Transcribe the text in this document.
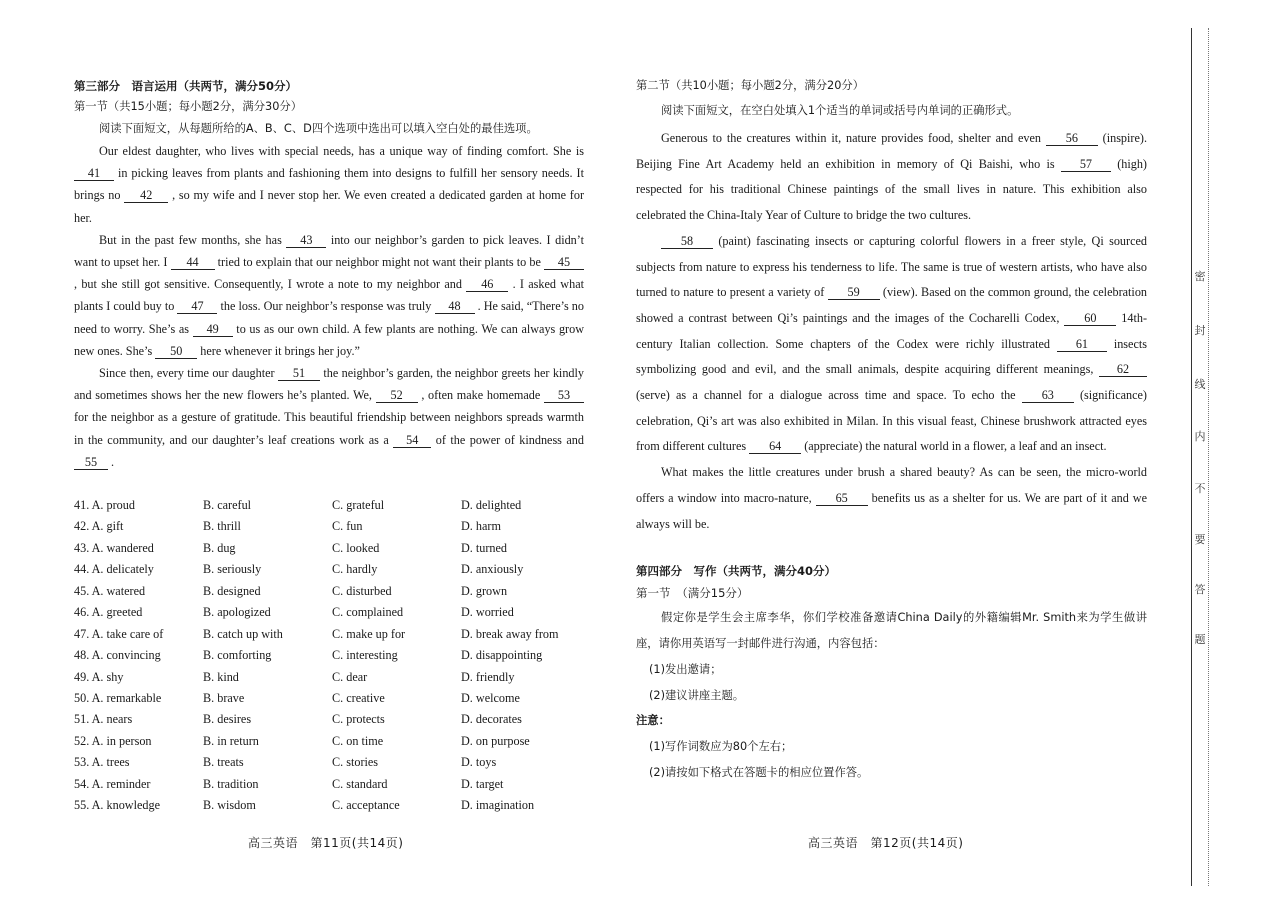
第三部分　语言运用（共两节，满分50分）
第一节（共15小题；每小题2分，满分30分）
阅读下面短文，从每题所给的A、B、C、D四个选项中选出可以填入空白处的最佳选项。

Our eldest daughter, who lives with special needs, has a unique way of finding comfort. She is 41 in picking leaves from plants and fashioning them into designs to fulfill her sensory needs. It brings no 42 , so my wife and I never stop her. We even created a dedicated garden at home for her.

But in the past few months, she has 43 into our neighbor’s garden to pick leaves. I didn’t want to upset her. I 44 tried to explain that our neighbor might not want their plants to be 45 , but she still got sensitive. Consequently, I wrote a note to my neighbor and 46 . I asked what plants I could buy to 47 the loss. Our neighbor’s response was truly 48 . He said, “There’s no need to worry. She’s as 49 to us as our own child. A few plants are nothing. We can always grow new ones. She’s 50 here whenever it brings her joy.”

Since then, every time our daughter 51 the neighbor’s garden, the neighbor greets her kindly and sometimes shows her the new flowers he’s planted. We, 52 , often make homemade 53 for the neighbor as a gesture of gratitude. This beautiful friendship between neighbors spreads warmth in the community, and our daughter’s leaf creations work as a 54 of the power of kindness and 55 .

41. A. proud	B. careful	C. grateful	D. delighted
42. A. gift	B. thrill	C. fun	D. harm
43. A. wandered	B. dug	C. looked	D. turned
44. A. delicately	B. seriously	C. hardly	D. anxiously
45. A. watered	B. designed	C. disturbed	D. grown
46. A. greeted	B. apologized	C. complained	D. worried
47. A. take care of	B. catch up with	C. make up for	D. break away from
48. A. convincing	B. comforting	C. interesting	D. disappointing
49. A. shy	B. kind	C. dear	D. friendly
50. A. remarkable	B. brave	C. creative	D. welcome
51. A. nears	B. desires	C. protects	D. decorates
52. A. in person	B. in return	C. on time	D. on purpose
53. A. trees	B. treats	C. stories	D. toys
54. A. reminder	B. tradition	C. standard	D. target
55. A. knowledge	B. wisdom	C. acceptance	D. imagination
第二节（共10小题；每小题2分，满分20分）
阅读下面短文，在空白处填入1个适当的单词或括号内单词的正确形式。

Generous to the creatures within it, nature provides food, shelter and even 56 (inspire). Beijing Fine Art Academy held an exhibition in memory of Qi Baishi, who is 57 (high) respected for his traditional Chinese paintings of the small lives in nature. This exhibition also celebrated the China-Italy Year of Culture to bridge the two cultures.

58 (paint) fascinating insects or capturing colorful flowers in a freer style, Qi sourced subjects from nature to express his tenderness to life. The same is true of western artists, who have also turned to nature to present a variety of 59 (view). Based on the common ground, the celebration showed a contrast between Qi’s paintings and the images of the Cocharelli Codex, 60 14th-century Italian collection. Some chapters of the Codex were richly illustrated 61 insects symbolizing good and evil, and the small animals, despite acquiring different meanings, 62 (serve) as a channel for a dialogue across time and space. To echo the 63 (significance) celebration, Qi’s art was also exhibited in Milan. In this visual feast, Chinese brushwork attracted eyes from different cultures 64 (appreciate) the natural world in a flower, a leaf and an insect.

What makes the little creatures under brush a shared beauty? As can be seen, the micro-world offers a window into macro-nature, 65 benefits us as a shelter for us. We are part of it and we always will be.

第四部分　写作（共两节，满分40分）
第一节　（满分15分）

假定你是学生会主席李华，你们学校准备邀请China Daily的外籍编辑Mr. Smith来为学生做讲座，请你用英语写一封邮件进行沟通，内容包括：

(1)发出邀请；
(2)建议讲座主题。
注意：
(1)写作词数应为80个左右；
(2)请按如下格式在答题卡的相应位置作答。
高三英语　第11页(共14页)	高三英语　第12页(共14页)
密
封
线
内
不
要
答
题
